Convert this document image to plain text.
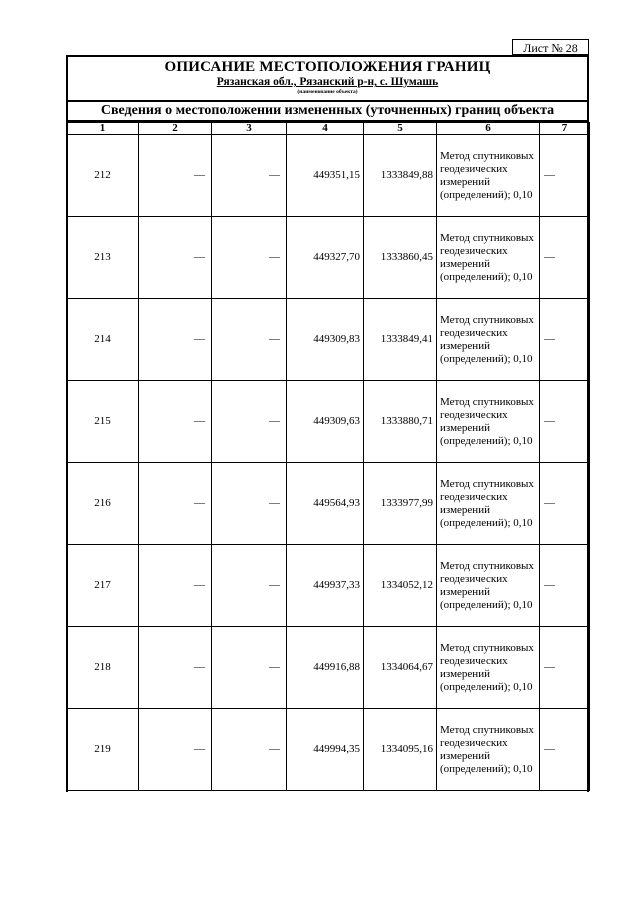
Лист № 28
ОПИСАНИЕ МЕСТОПОЛОЖЕНИЯ ГРАНИЦ
Рязанская обл., Рязанский р-н, с. Шумашь
(наименование объекта)
Сведения о местоположении измененных (уточненных) границ объекта
1	2	3	4	5	6	7
212	—	—	449351,15	1333849,88	Метод спутниковых геодезических измерений (определений); 0,10	—
213	—	—	449327,70	1333860,45	Метод спутниковых геодезических измерений (определений); 0,10	—
214	—	—	449309,83	1333849,41	Метод спутниковых геодезических измерений (определений); 0,10	—
215	—	—	449309,63	1333880,71	Метод спутниковых геодезических измерений (определений); 0,10	—
216	—	—	449564,93	1333977,99	Метод спутниковых геодезических измерений (определений); 0,10	—
217	—	—	449937,33	1334052,12	Метод спутниковых геодезических измерений (определений); 0,10	—
218	—	—	449916,88	1334064,67	Метод спутниковых геодезических измерений (определений); 0,10	—
219	—	—	449994,35	1334095,16	Метод спутниковых геодезических измерений (определений); 0,10	—
